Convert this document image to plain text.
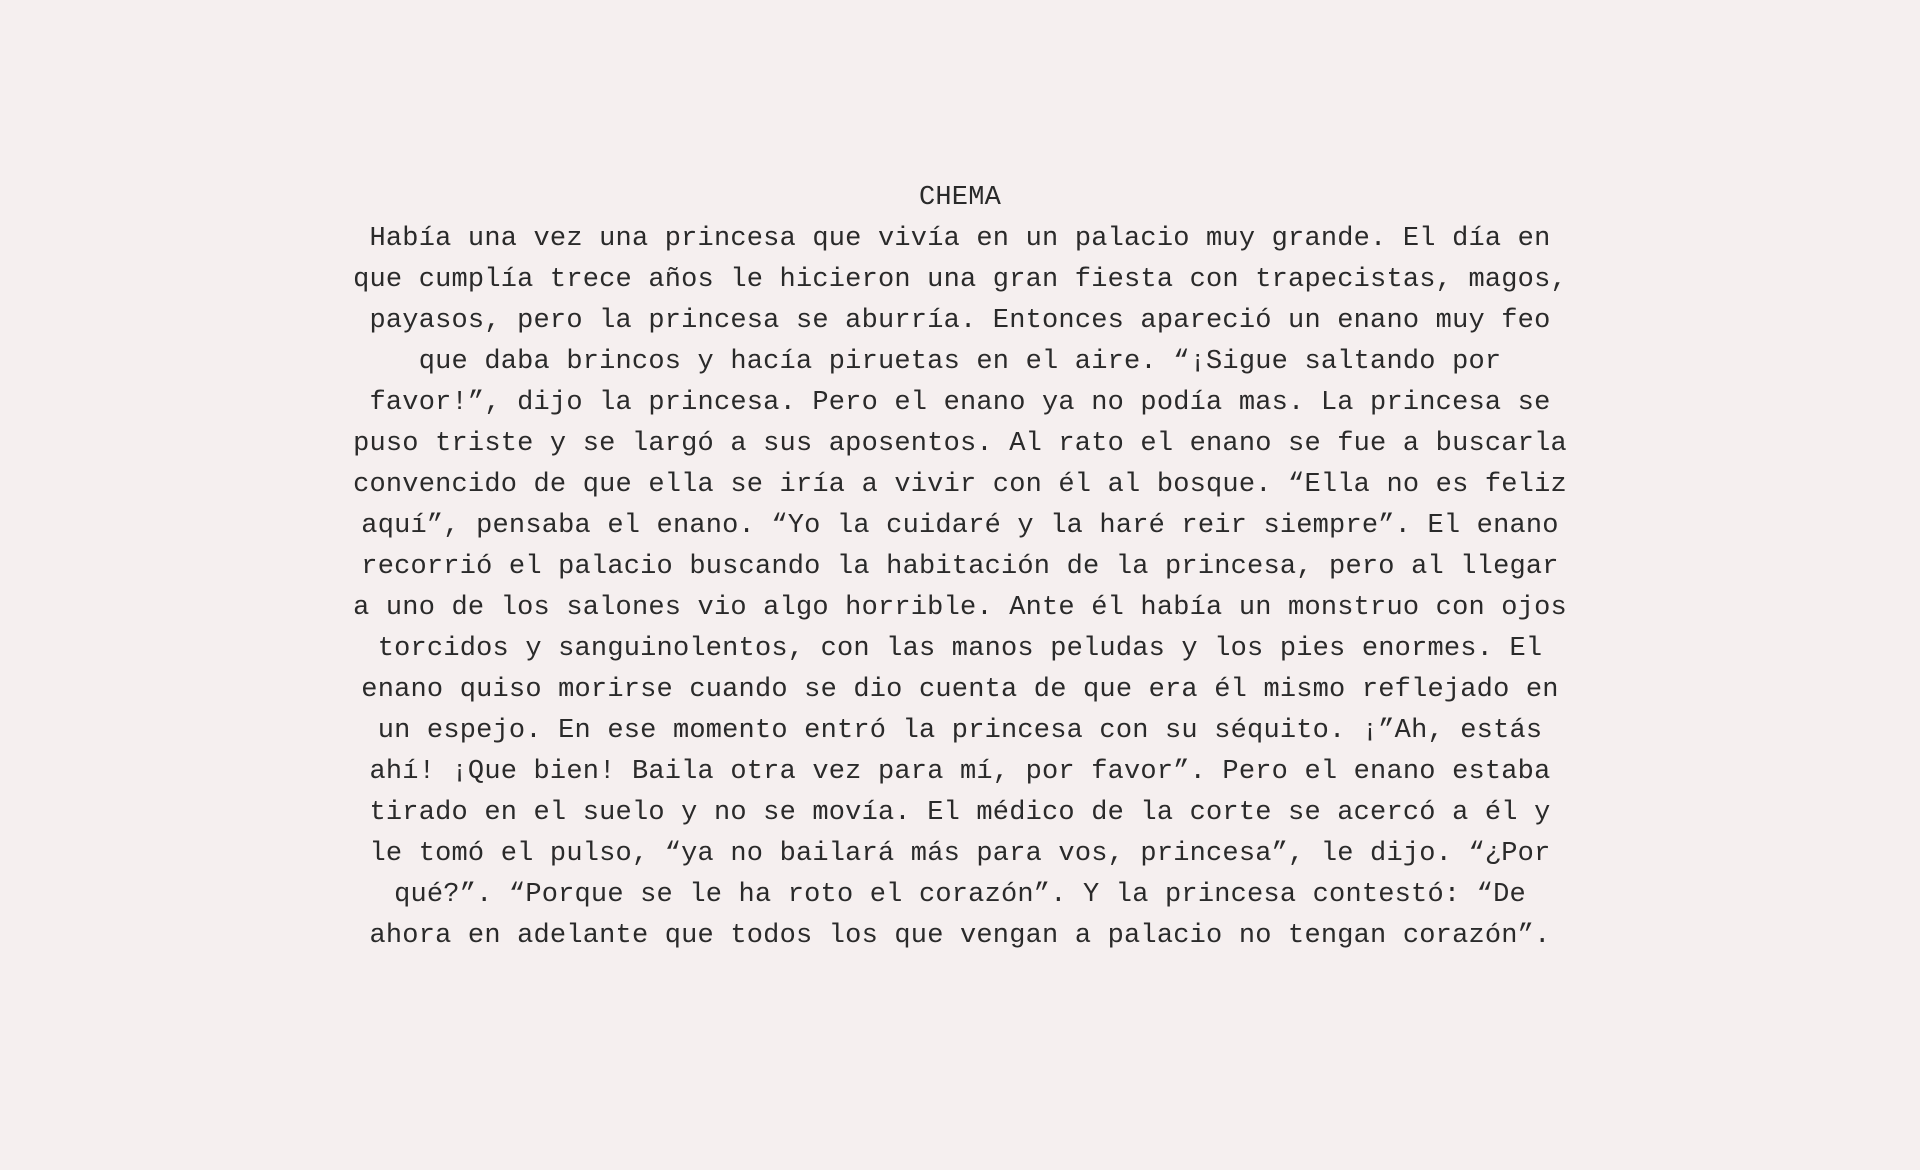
CHEMA
Había una vez una princesa que vivía en un palacio muy grande. El día en
que cumplía trece años le hicieron una gran fiesta con trapecistas, magos,
payasos, pero la princesa se aburría. Entonces apareció un enano muy feo
que daba brincos y hacía piruetas en el aire. “¡Sigue saltando por
favor!”, dijo la princesa. Pero el enano ya no podía mas. La princesa se
puso triste y se largó a sus aposentos. Al rato el enano se fue a buscarla
convencido de que ella se iría a vivir con él al bosque. “Ella no es feliz
aquí”, pensaba el enano. “Yo la cuidaré y la haré reir siempre”. El enano
recorrió el palacio buscando la habitación de la princesa, pero al llegar
a uno de los salones vio algo horrible. Ante él había un monstruo con ojos
torcidos y sanguinolentos, con las manos peludas y los pies enormes. El
enano quiso morirse cuando se dio cuenta de que era él mismo reflejado en
un espejo. En ese momento entró la princesa con su séquito. ¡”Ah, estás
ahí! ¡Que bien! Baila otra vez para mí, por favor”. Pero el enano estaba
tirado en el suelo y no se movía. El médico de la corte se acercó a él y
le tomó el pulso, “ya no bailará más para vos, princesa”, le dijo. “¿Por
qué?”. “Porque se le ha roto el corazón”. Y la princesa contestó: “De
ahora en adelante que todos los que vengan a palacio no tengan corazón”.
